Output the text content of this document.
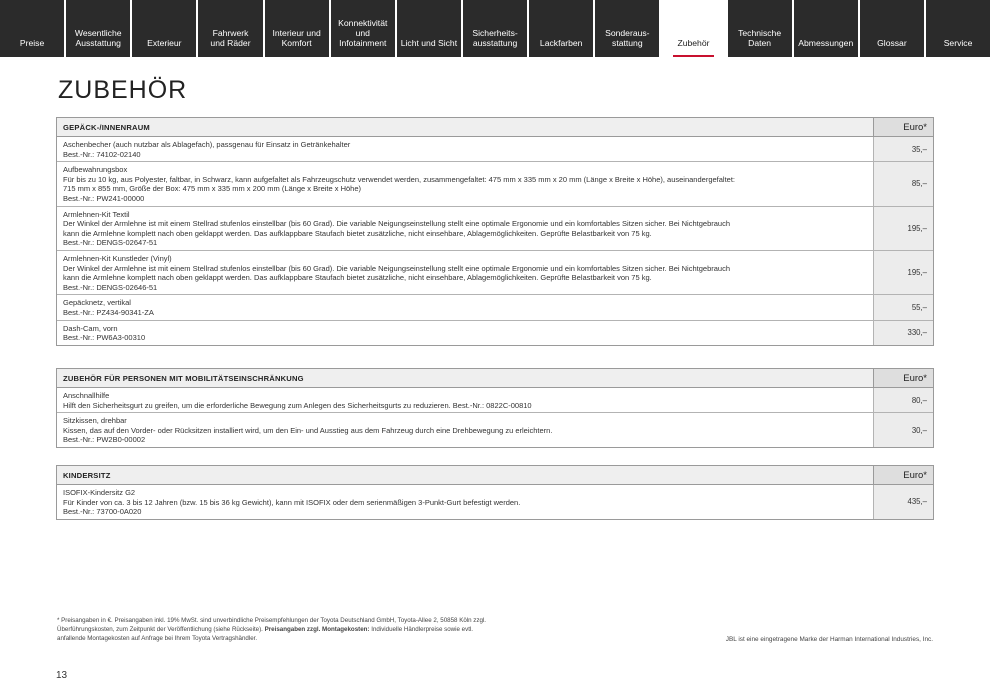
Preise
Wesentliche
Ausstattung	Exterieur
Fahrwerk
und Räder
Interieur und
Komfort
Konnektivität
und
Infotainment Licht und Sicht
Sicherheits-
ausstattung	Lackfarben
Sonderaus-
stattung	Zubehör
Technische
Daten	Abmessungen	Glossar	Service
ZUBEHÖR
GEPÄCK-/INNENRAUM	Euro*
Aschenbecher (auch nutzbar als Ablagefach), passgenau für Einsatz in Getränkehalter
Best.-Nr.: 74102-02140
35,–
Aufbewahrungsbox
Für bis zu 10 kg, aus Polyester, faltbar, in Schwarz, kann aufgefaltet als Fahrzeugschutz verwendet werden, zusammengefaltet: 475 mm x 335 mm x 20 mm (Länge x Breite x Höhe), auseinandergefaltet:
715 mm x 855 mm, Größe der Box: 475 mm x 335 mm x 200 mm (Länge x Breite x Höhe)
Best.-Nr.: PW241-00000
85,–
Armlehnen-Kit Textil
Der Winkel der Armlehne ist mit einem Stellrad stufenlos einstellbar (bis 60 Grad). Die variable Neigungseinstellung stellt eine optimale Ergonomie und ein komfortables Sitzen sicher. Bei Nichtgebrauch
kann die Armlehne komplett nach oben geklappt werden. Das aufklappbare Staufach bietet zusätzliche, nicht einsehbare, Ablagemöglichkeiten. Geprüfte Belastbarkeit von 75 kg.
Best.-Nr.: DENGS-02647-51
195,–
Armlehnen-Kit Kunstleder (Vinyl)
Der Winkel der Armlehne ist mit einem Stellrad stufenlos einstellbar (bis 60 Grad). Die variable Neigungseinstellung stellt eine optimale Ergonomie und ein komfortables Sitzen sicher. Bei Nichtgebrauch
kann die Armlehne komplett nach oben geklappt werden. Das aufklappbare Staufach bietet zusätzliche, nicht einsehbare, Ablagemöglichkeiten. Geprüfte Belastbarkeit von 75 kg.
Best.-Nr.: DENGS-02646-51
195,–
Gepäcknetz, vertikal
Best.-Nr.: PZ434-90341-ZA
55,–
Dash-Cam, vorn
Best.-Nr.: PW6A3-00310
330,–
ZUBEHÖR FÜR PERSONEN MIT MOBILITÄTSEINSCHRÄNKUNG	Euro*
Anschnallhilfe
Hilft den Sicherheitsgurt zu greifen, um die erforderliche Bewegung zum Anlegen des Sicherheitsgurts zu reduzieren. Best.-Nr.: 0822C-00810
80,–
Sitzkissen, drehbar
Kissen, das auf den Vorder- oder Rücksitzen installiert wird, um den Ein- und Ausstieg aus dem Fahrzeug durch eine Drehbewegung zu erleichtern.
Best.-Nr.: PW2B0-00002
30,–
KINDERSITZ	Euro*
ISOFIX-Kindersitz G2
Für Kinder von ca. 3 bis 12 Jahren (bzw. 15 bis 36 kg Gewicht), kann mit ISOFIX oder dem serienmäßigen 3-Punkt-Gurt befestigt werden.
Best.-Nr.: 73700-0A020
435,–
* Preisangaben in €. Preisangaben inkl. 19% MwSt. sind unverbindliche Preisempfehlungen der Toyota Deutschland GmbH, Toyota-Allee 2, 50858 Köln zzgl.
Überführungskosten, zum Zeitpunkt der Veröffentlichung (siehe Rückseite). Preisangaben zzgl. Montagekosten: Individuelle Händlerpreise sowie evtl.
anfallende Montagekosten auf Anfrage bei Ihrem Toyota Vertragshändler.	JBL ist eine eingetragene Marke der Harman International Industries, Inc.
13
